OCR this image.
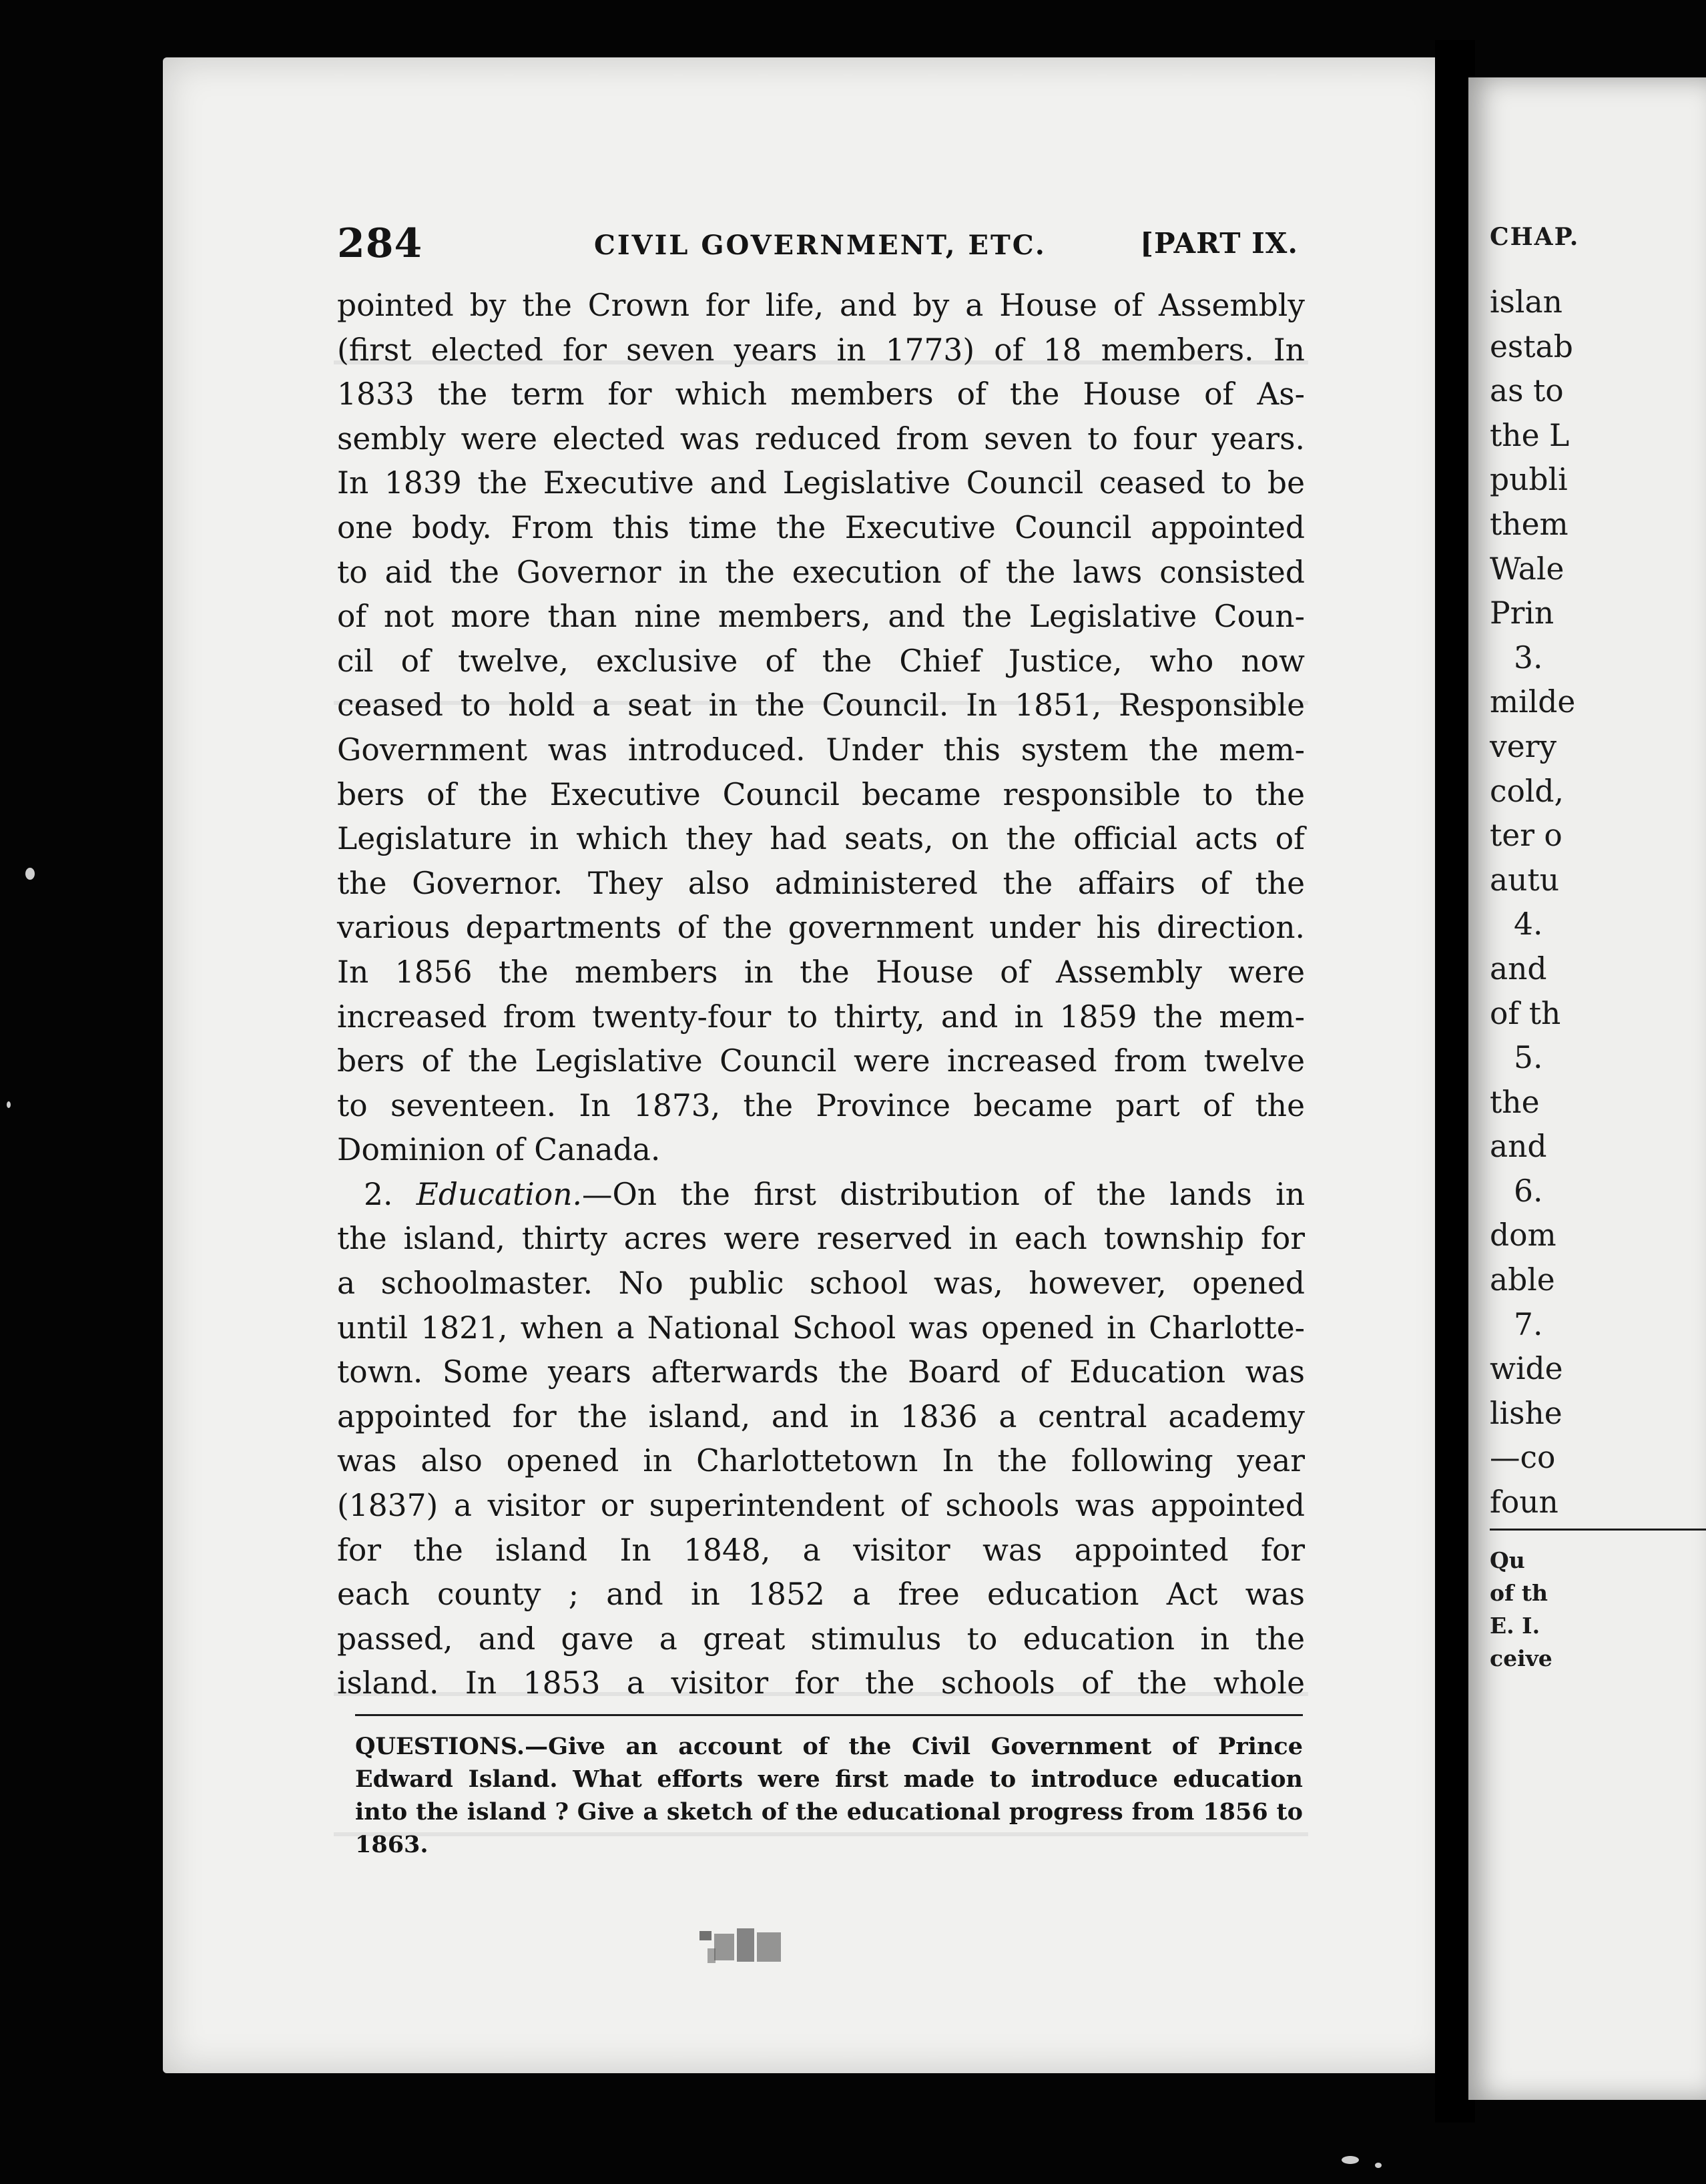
284	CIVIL GOVERNMENT, ETC.	[PART IX.
pointed by the Crown for life, and by a House of Assembly
(first elected for seven years in 1773) of 18 members. In
1833 the term for which members of the House of As-
sembly were elected was reduced from seven to four years.
In 1839 the Executive and Legislative Council ceased to be
one body. From this time the Executive Council appointed
to aid the Governor in the execution of the laws consisted
of not more than nine members, and the Legislative Coun-
cil of twelve, exclusive of the Chief Justice, who now
ceased to hold a seat in the Council. In 1851, Responsible
Government was introduced. Under this system the mem-
bers of the Executive Council became responsible to the
Legislature in which they had seats, on the official acts of
the Governor. They also administered the affairs of the
various departments of the government under his direction.
In 1856 the members in the House of Assembly were
increased from twenty-four to thirty, and in 1859 the mem-
bers of the Legislative Council were increased from twelve
to seventeen. In 1873, the Province became part of the
Dominion of Canada.
2. Education.—On the first distribution of the lands in
the island, thirty acres were reserved in each township for
a schoolmaster. No public school was, however, opened
until 1821, when a National School was opened in Charlotte-
town. Some years afterwards the Board of Education was
appointed for the island, and in 1836 a central academy
was also opened in Charlottetown In the following year
(1837) a visitor or superintendent of schools was appointed
for the island In 1848, a visitor was appointed for
each county ; and in 1852 a free education Act was
passed, and gave a great stimulus to education in the
island. In 1853 a visitor for the schools of the whole
QUESTIONS.—Give an account of the Civil Government of Prince
Edward Island. What efforts were first made to introduce education
into the island ? Give a sketch of the educational progress from 1856 to
1863.
CHAP.
islan
estab
as to
the L
publi
them
Wale
Prin
3.
milde
very
cold,
ter o
autu
4.
and
of th
5.
the
and
6.
dom
able
7.
wide
lishe
—co
foun
Qu
of th
E. I.
ceive
